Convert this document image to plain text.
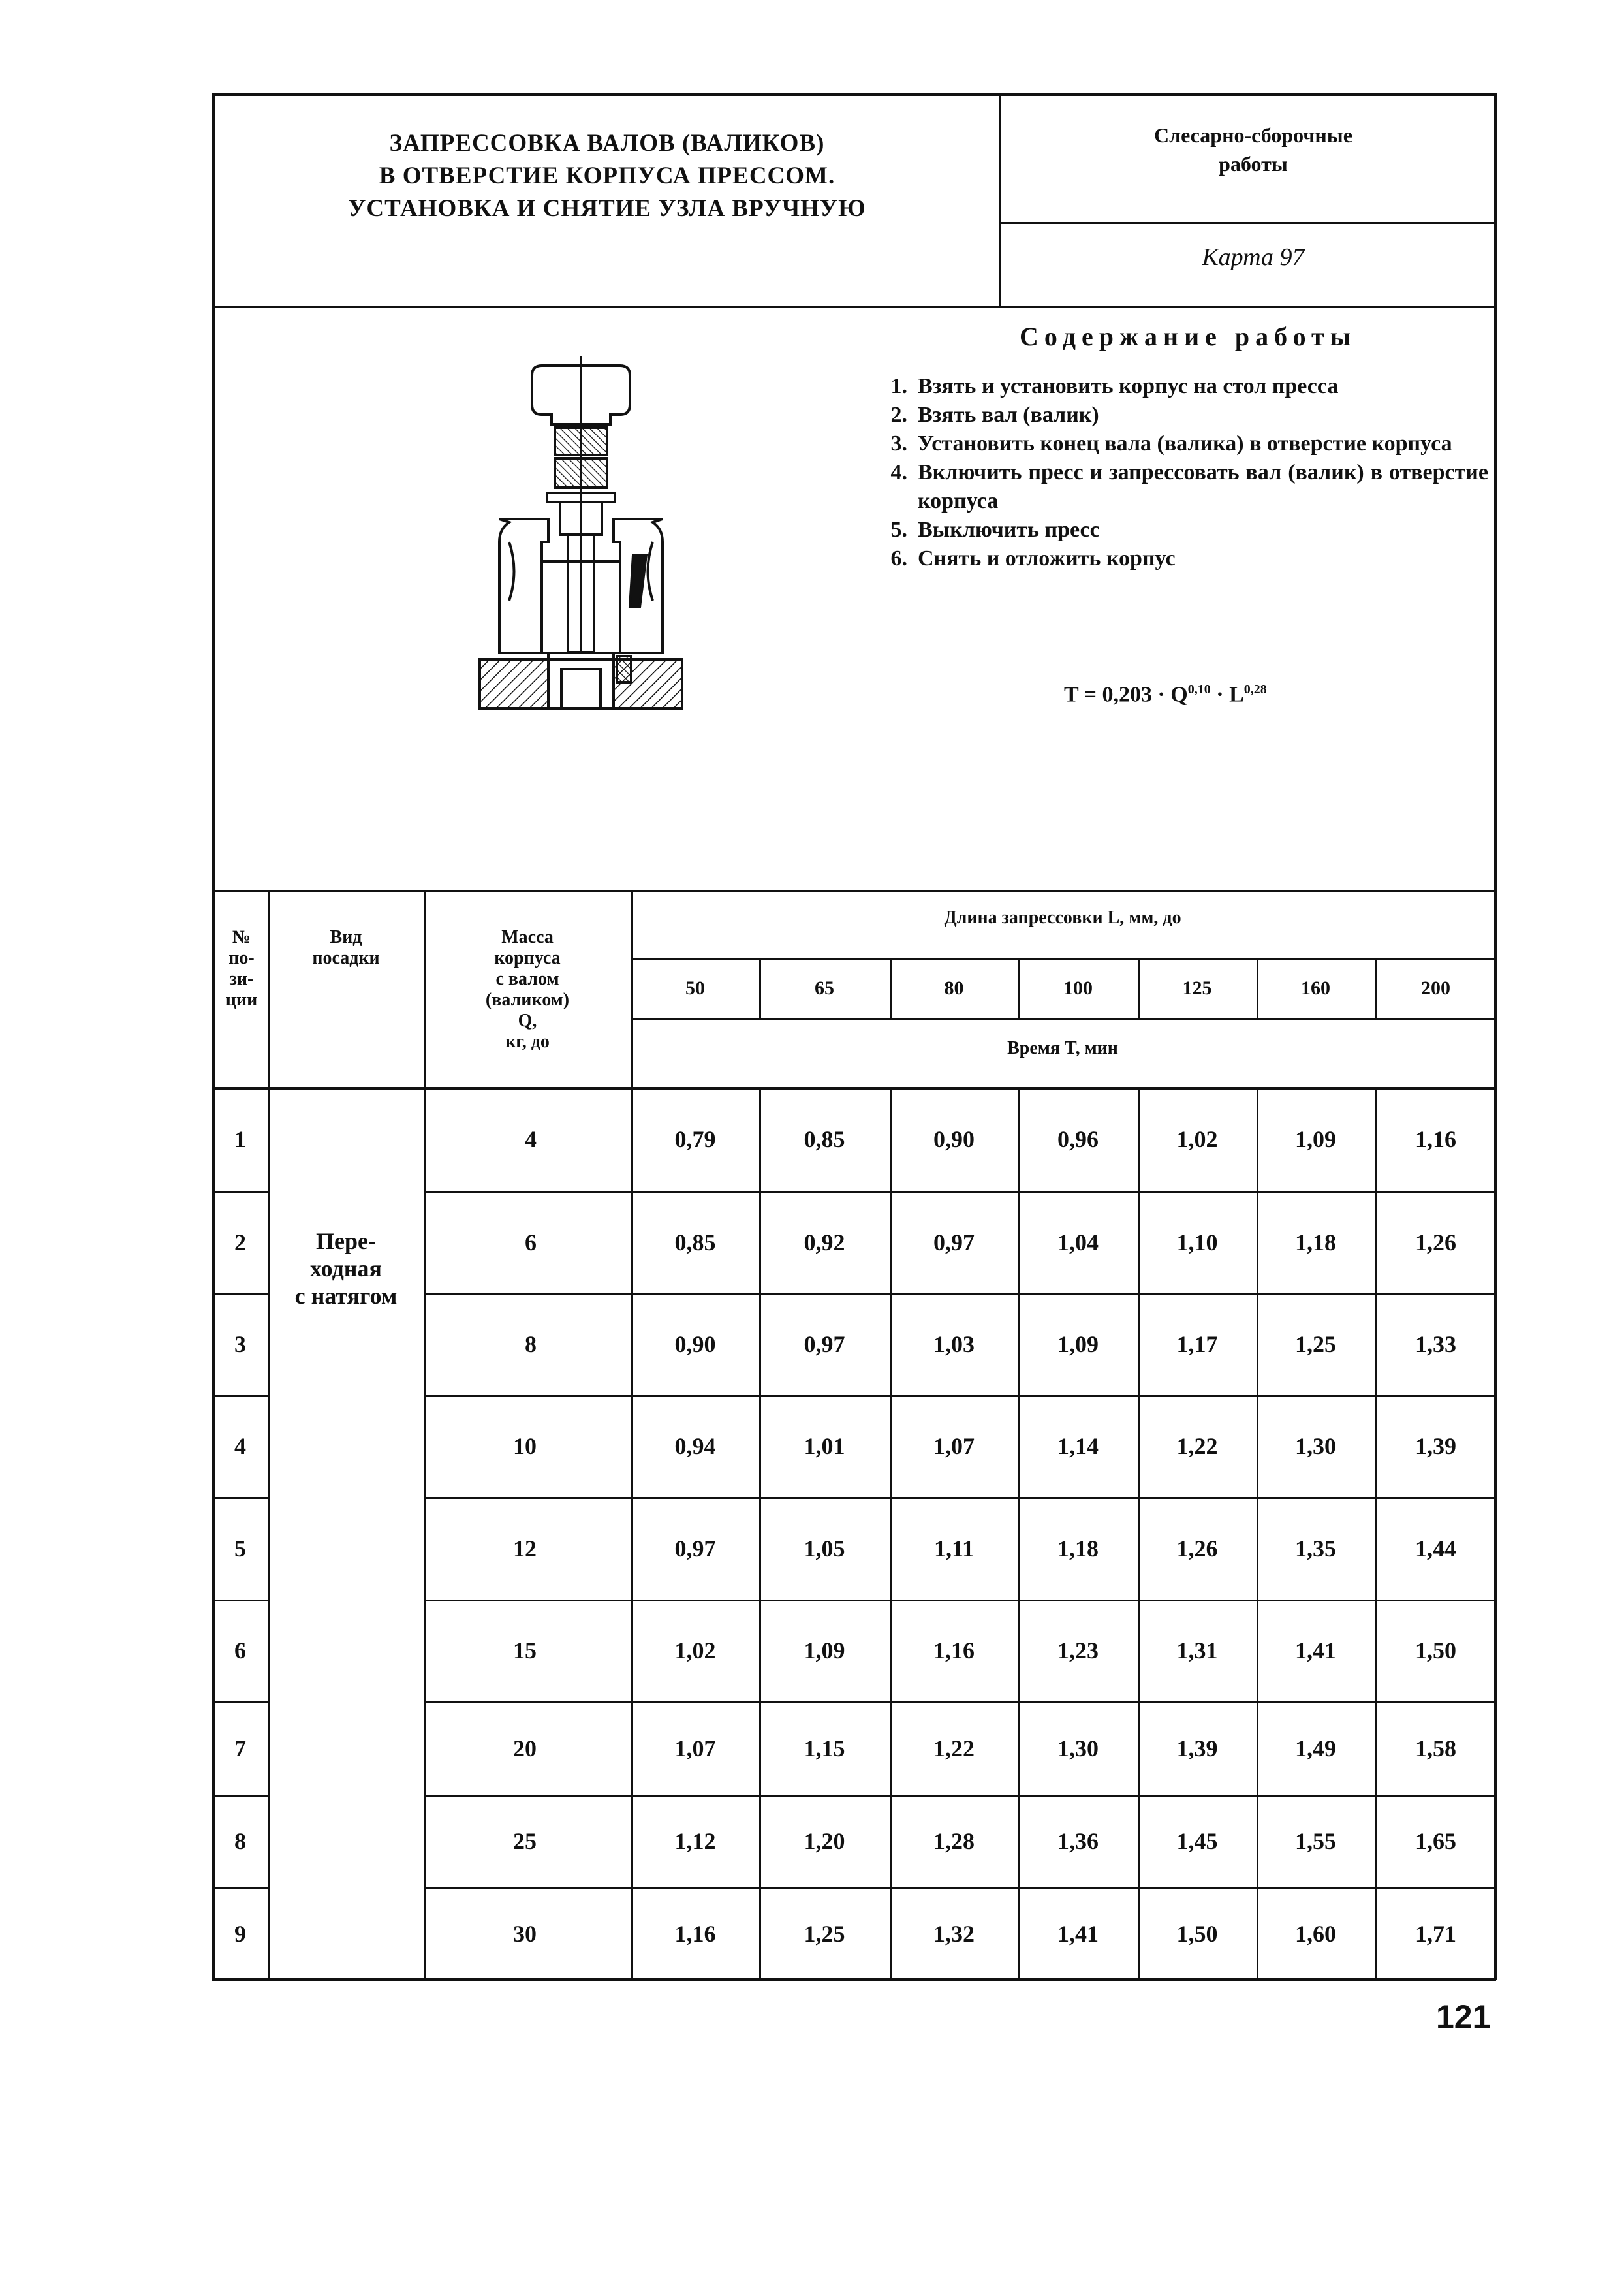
ЗАПРЕССОВКА ВАЛОВ (ВАЛИКОВ)
В ОТВЕРСТИЕ КОРПУСА ПРЕССОМ.
УСТАНОВКА И СНЯТИЕ УЗЛА ВРУЧНУЮ
Слесарно-сборочные
работы
Карта 97
Содержание работы
1. Взять и установить корпус на стол пресса
2. Взять вал (валик)
3. Установить конец вала (валика) в отверстие корпуса
4. Включить пресс и запрессовать вал (валик) в отверстие корпуса
5. Выключить пресс
6. Снять и отложить корпус
T = 0,203 · Q$^{0,10}$ · L$^{0,28}$
№
по-
зи-
ции
Вид
посадки
Масса
корпуса
с валом
(валиком)
Q,
кг, до
Длина запрессовки L, мм, до
Время T, мин
50	65	80	100	125	160	200
1	4	0,79	0,85	0,90	0,96	1,02	1,09	1,16
2	6	0,85	0,92	0,97	1,04	1,10	1,18	1,26
3	8	0,90	0,97	1,03	1,09	1,17	1,25	1,33
4	10	0,94	1,01	1,07	1,14	1,22	1,30	1,39
5	12	0,97	1,05	1,11	1,18	1,26	1,35	1,44
6	15	1,02	1,09	1,16	1,23	1,31	1,41	1,50
7	20	1,07	1,15	1,22	1,30	1,39	1,49	1,58
8	25	1,12	1,20	1,28	1,36	1,45	1,55	1,65
9	30	1,16	1,25	1,32	1,41	1,50	1,60	1,71
Пере-
ходная
с натягом
121
